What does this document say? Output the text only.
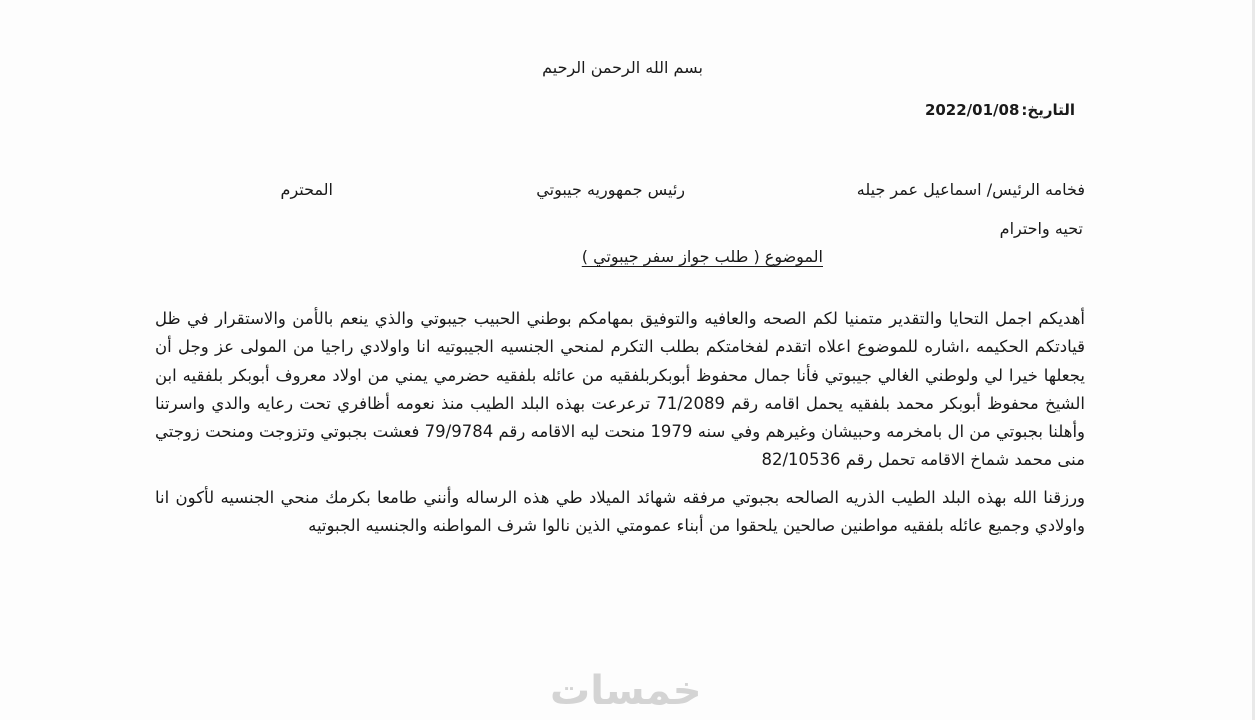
بسم الله الرحمن الرحيم
التاريخ:2022/01/08
فخامه الرئيس/ اسماعيل عمر جيله
رئيس جمهوريه جيبوتي
المحترم
تحيه واحترام
الموضوع ( طلب جواز سفر جيبوتي )

أهديكم اجمل التحايا والتقدير متمنيا لكم الصحه والعافيه والتوفيق بمهامكم بوطني الحبيب جيبوتي والذي ينعم بالأمن والاستقرار في ظل قيادتكم الحكيمه ،اشاره للموضوع اعلاه اتقدم لفخامتكم بطلب التكرم لمنحي الجنسيه الجيبوتيه انا واولادي راجيا من المولى عز وجل أن يجعلها خيرا لي ولوطني الغالي جيبوتي فأنا جمال محفوظ أبوبكربلفقيه من عائله بلفقيه حضرمي يمني من اولاد معروف أبوبكر بلفقيه ابن الشيخ محفوظ أبوبكر محمد بلفقيه يحمل اقامه رقم 71/2089 ترعرعت بهذه البلد الطيب منذ نعومه أظافري تحت رعايه والدي واسرتنا وأهلنا بجبوتي من ال بامخرمه وحبيشان وغيرهم وفي سنه 1979 منحت ليه الاقامه رقم 79/9784 فعشت بجبوتي وتزوجت ومنحت زوجتي منى محمد شماخ الاقامه تحمل رقم 82/10536

ورزقنا الله بهذه البلد الطيب الذريه الصالحه بجبوتي مرفقه شهائد الميلاد طي هذه الرساله وأنني طامعا بكرمك منحي الجنسيه لأكون انا واولادي وجميع عائله بلفقيه مواطنين صالحين يلحقوا من أبناء عمومتي الذين نالوا شرف المواطنه والجنسيه الجبوتيه

خمسات
